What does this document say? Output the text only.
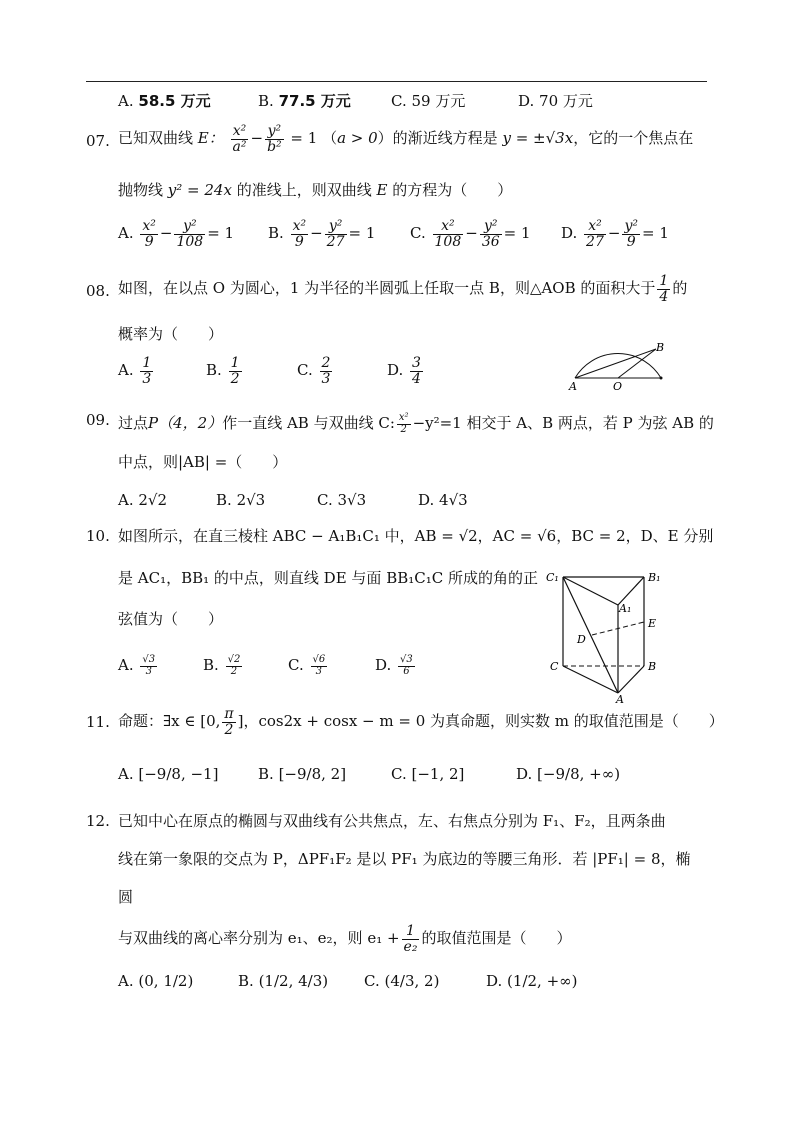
A. 58.5 万元	B. 77.5 万元	C. 59 万元	D. 70 万元
07. 已知双曲线 E： $\frac{\text{x²}}{\text{a²}} - \frac{\text{y²}}{\text{b²}} = 1$ （a > 0）的渐近线方程是 y = ±√3x，它的一个焦点在
抛物线 y² = 24x 的准线上，则双曲线 E 的方程为（　　）
A. $\frac{\text{x²}}{9} - \frac{\text{y²}}{108} = 1$ B. $\frac{\text{x²}}{9} - \frac{\text{y²}}{27} = 1$ C. $\frac{\text{x²}}{108} - \frac{\text{y²}}{36} = 1$ D. $\frac{\text{x²}}{27} - \frac{\text{y²}}{9} = 1$
08. 如图，在以点 O 为圆心，1 为半径的半圆弧上任取一点 B，则△AOB 的面积大于 $\frac{1}{4}$ 的
概率为（　　）
A. $\frac{1}{3}$	B. $\frac{1}{2}$	C. $\frac{2}{3}$	D. $\frac{3}{4}$
A	O
B
09. 过点P（4，2）作一直线 AB 与双曲线 C: $\frac{\text{x²}}{2} -y^2=1$ 相交于 A、B 两点，若 P 为弦 AB 的
中点，则|AB| =（　　）
A. 2√2	B. 2√3	C. 3√3	D. 4√3
10. 如图所示，在直三棱柱 ABC − A₁B₁C₁ 中，AB = √2，AC = √6，BC = 2，D、E 分别
是 AC₁，BB₁ 的中点，则直线 DE 与面 BB₁C₁C 所成的角的正
弦值为（　　）
A. $\frac{√3}{3}$	B. $\frac{√2}{2}$	C. $\frac{√6}{3}$	D. $\frac{√3}{6}$
C₁	B₁
A₁
D
E
C	B
A
11. 命题：∃x ∈ [0, $\frac{\pi}{2}$ ]，cos2x + cosx − m = 0 为真命题，则实数 m 的取值范围是（　　）
A. [−9/8, −1]	B. [−9/8, 2]	C. [−1, 2]	D. [−9/8, +∞)
12. 已知中心在原点的椭圆与双曲线有公共焦点，左、右焦点分别为 F₁、F₂，且两条曲
线在第一象限的交点为 P，ΔPF₁F₂ 是以 PF₁ 为底边的等腰三角形．若 |PF₁| = 8，椭
圆
与双曲线的离心率分别为 e₁、e₂，则 $e_1 + \frac{1}{\text{e₂}}$ 的取值范围是（　　）
A. (0, 1/2)	B. (1/2, 4/3) C. (4/3, 2)	D. (1/2, +∞)
